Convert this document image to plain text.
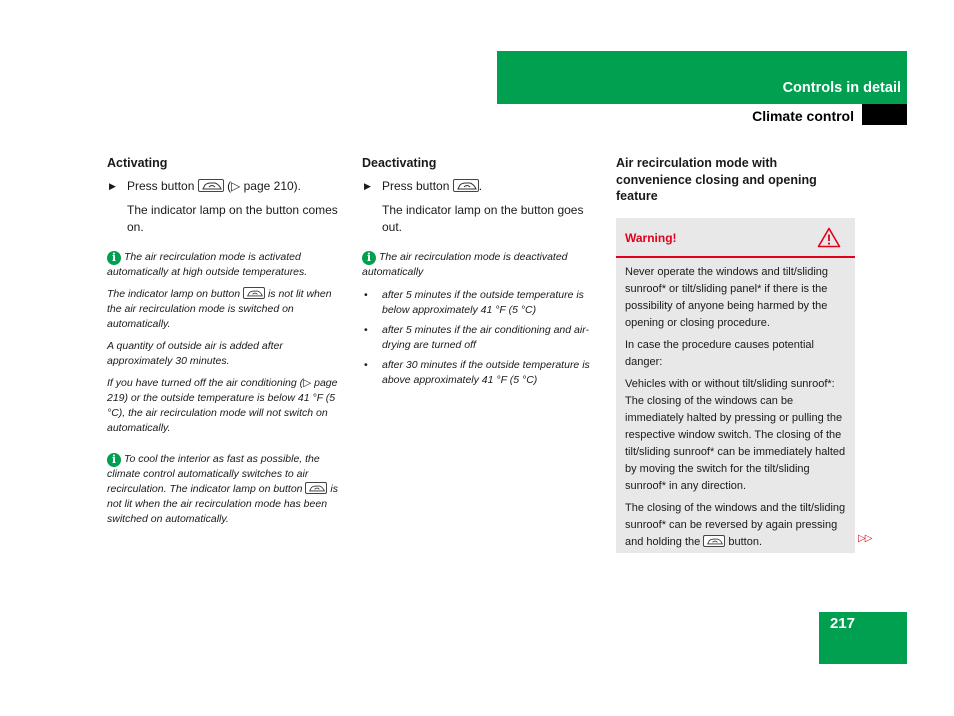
Controls in detail
Climate control
Activating
▶ Press button	(▷ page 210).
The indicator lamp on the button comes on.
i The air recirculation mode is activated automatically at high outside temperatures.
The indicator lamp on button	is not lit when the air recirculation mode is switched on automatically.
A quantity of outside air is added after approximately 30 minutes.
If you have turned off the air conditioning (▷ page 219) or the outside temperature is below 41 °F (5 °C), the air recirculation mode will not switch on automatically.
i To cool the interior as fast as possible, the climate control automatically switches to air recirculation. The indicator lamp on button	is not lit when the air recirculation mode has been switched on automatically.
Deactivating
▶ Press button .
The indicator lamp on the button goes out.
i The air recirculation mode is deactivated automatically
• after 5 minutes if the outside temperature is below approximately 41 °F (5 °C)
• after 5 minutes if the air conditioning and air-drying are turned off
• after 30 minutes if the outside temperature is above approximately 41 °F (5 °C)
Air recirculation mode with convenience closing and opening feature
Warning!

Never operate the windows and tilt/sliding sunroof* or tilt/sliding panel* if there is the possibility of anyone being harmed by the opening or closing procedure.

In case the procedure causes potential danger:

Vehicles with or without tilt/sliding sunroof*: The closing of the windows can be immediately halted by pressing or pulling the respective window switch. The closing of the tilt/sliding sunroof* can be immediately halted by moving the switch for the tilt/sliding sunroof* in any direction.

The closing of the windows and the tilt/sliding sunroof* can be reversed by again pressing and holding the	button.	▷▷
217
